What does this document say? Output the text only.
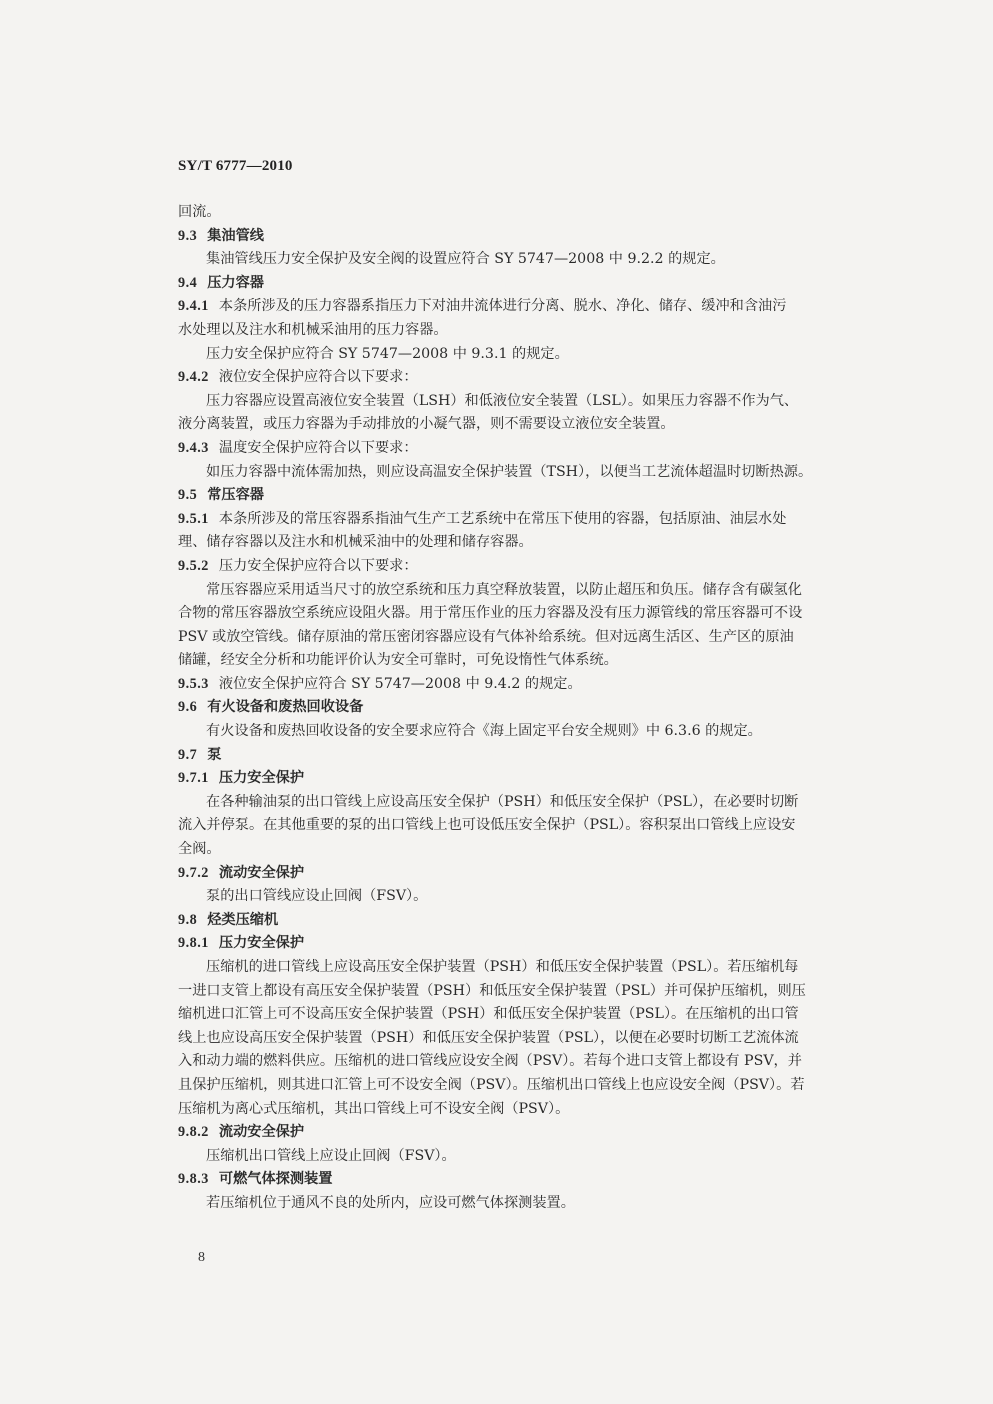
SY/T 6777—2010
回流。
9.3 集油管线
集油管线压力安全保护及安全阀的设置应符合 SY 5747—2008 中 9.2.2 的规定。
9.4 压力容器
9.4.1 本条所涉及的压力容器系指压力下对油井流体进行分离、脱水、净化、储存、缓冲和含油污
水处理以及注水和机械采油用的压力容器。
压力安全保护应符合 SY 5747—2008 中 9.3.1 的规定。
9.4.2 液位安全保护应符合以下要求：
压力容器应设置高液位安全装置（LSH）和低液位安全装置（LSL）。如果压力容器不作为气、
液分离装置，或压力容器为手动排放的小凝气器，则不需要设立液位安全装置。
9.4.3 温度安全保护应符合以下要求：
如压力容器中流体需加热，则应设高温安全保护装置（TSH），以便当工艺流体超温时切断热源。
9.5 常压容器
9.5.1 本条所涉及的常压容器系指油气生产工艺系统中在常压下使用的容器，包括原油、油层水处
理、储存容器以及注水和机械采油中的处理和储存容器。
9.5.2 压力安全保护应符合以下要求：
常压容器应采用适当尺寸的放空系统和压力真空释放装置，以防止超压和负压。储存含有碳氢化
合物的常压容器放空系统应设阻火器。用于常压作业的压力容器及没有压力源管线的常压容器可不设
PSV 或放空管线。储存原油的常压密闭容器应设有气体补给系统。但对远离生活区、生产区的原油
储罐，经安全分析和功能评价认为安全可靠时，可免设惰性气体系统。
9.5.3 液位安全保护应符合 SY 5747—2008 中 9.4.2 的规定。
9.6 有火设备和废热回收设备
有火设备和废热回收设备的安全要求应符合《海上固定平台安全规则》中 6.3.6 的规定。
9.7 泵
9.7.1 压力安全保护
在各种输油泵的出口管线上应设高压安全保护（PSH）和低压安全保护（PSL），在必要时切断
流入并停泵。在其他重要的泵的出口管线上也可设低压安全保护（PSL）。容积泵出口管线上应设安
全阀。
9.7.2 流动安全保护
泵的出口管线应设止回阀（FSV）。
9.8 烃类压缩机
9.8.1 压力安全保护
压缩机的进口管线上应设高压安全保护装置（PSH）和低压安全保护装置（PSL）。若压缩机每
一进口支管上都设有高压安全保护装置（PSH）和低压安全保护装置（PSL）并可保护压缩机，则压
缩机进口汇管上可不设高压安全保护装置（PSH）和低压安全保护装置（PSL）。在压缩机的出口管
线上也应设高压安全保护装置（PSH）和低压安全保护装置（PSL），以便在必要时切断工艺流体流
入和动力端的燃料供应。压缩机的进口管线应设安全阀（PSV）。若每个进口支管上都设有 PSV，并
且保护压缩机，则其进口汇管上可不设安全阀（PSV）。压缩机出口管线上也应设安全阀（PSV）。若
压缩机为离心式压缩机，其出口管线上可不设安全阀（PSV）。
9.8.2 流动安全保护
压缩机出口管线上应设止回阀（FSV）。
9.8.3 可燃气体探测装置
若压缩机位于通风不良的处所内，应设可燃气体探测装置。
8
